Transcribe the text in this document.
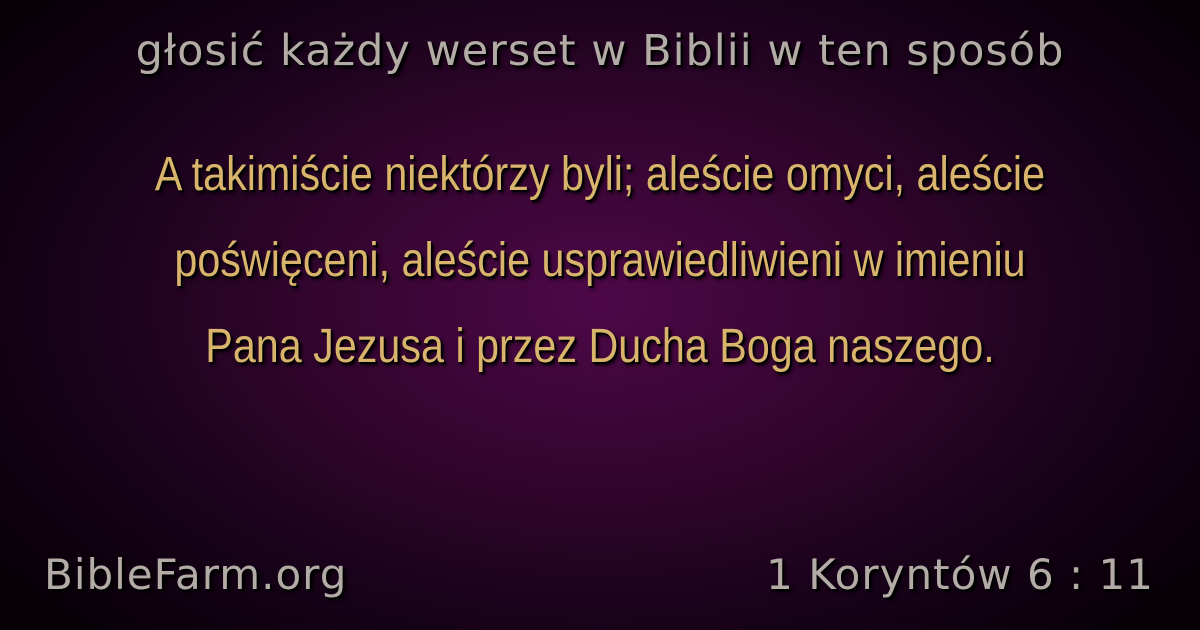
głosić każdy werset w Biblii w ten sposób

A takimiście niektórzy byli; aleście omyci, aleście poświęceni, aleście usprawiedliwieni w imieniu Pana Jezusa i przez Ducha Boga naszego.

BibleFarm.org	1 Koryntów 6 : 11
